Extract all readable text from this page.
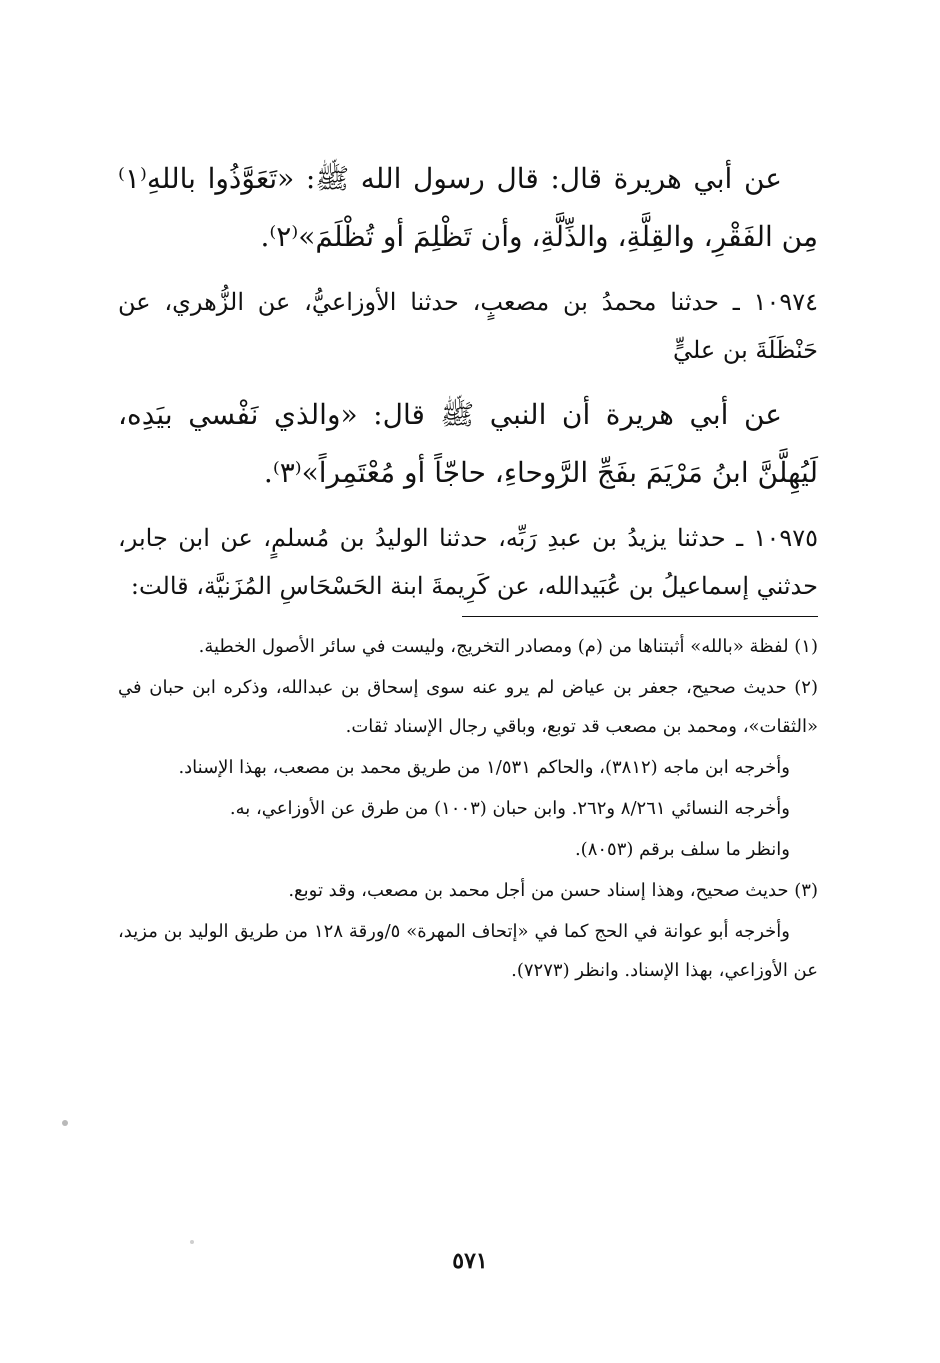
عن أبي هريرة قال: قال رسول الله ﷺ: «تَعَوَّذُوا باللهِ⁽١⁾ مِن الفَقْرِ، والقِلَّةِ، والذِّلَّةِ، وأن تَظْلِمَ أو تُظْلَمَ»⁽٢⁾.

١٠٩٧٤ ـ حدثنا محمدُ بن مصعبٍ، حدثنا الأوزاعيُّ، عن الزُّهري، عن حَنْظَلَةَ بن عليٍّ

عن أبي هريرة أن النبي ﷺ قال: «والذي نَفْسي بيَدِه، لَيُهِلَّنَّ ابنُ مَرْيَمَ بفَجِّ الرَّوحاءِ، حاجّاً أو مُعْتَمِراً»⁽٣⁾.

١٠٩٧٥ ـ حدثنا يزيدُ بن عبدِ رَبِّه، حدثنا الوليدُ بن مُسلمٍ، عن ابن جابر، حدثني إسماعيلُ بن عُبَيدالله، عن كَرِيمةَ ابنة الحَسْحَاسِ المُزَنيَّة، قالت:

(١) لفظة «بالله» أثبتناها من (م) ومصادر التخريج، وليست في سائر الأصول الخطية.

(٢) حديث صحيح، جعفر بن عياض لم يرو عنه سوى إسحاق بن عبدالله، وذكره ابن حبان في «الثقات»، ومحمد بن مصعب قد توبع، وباقي رجال الإسناد ثقات.

وأخرجه ابن ماجه (٣٨١٢)، والحاكم ١/٥٣١ من طريق محمد بن مصعب، بهذا الإسناد.

وأخرجه النسائي ٨/٢٦١ و٢٦٢. وابن حبان (١٠٠٣) من طرق عن الأوزاعي، به.

وانظر ما سلف برقم (٨٠٥٣).

(٣) حديث صحيح، وهذا إسناد حسن من أجل محمد بن مصعب، وقد توبع.

وأخرجه أبو عوانة في الحج كما في «إتحاف المهرة» ٥/ورقة ١٢٨ من طريق الوليد بن مزيد، عن الأوزاعي، بهذا الإسناد. وانظر (٧٢٧٣).

٥٧١
